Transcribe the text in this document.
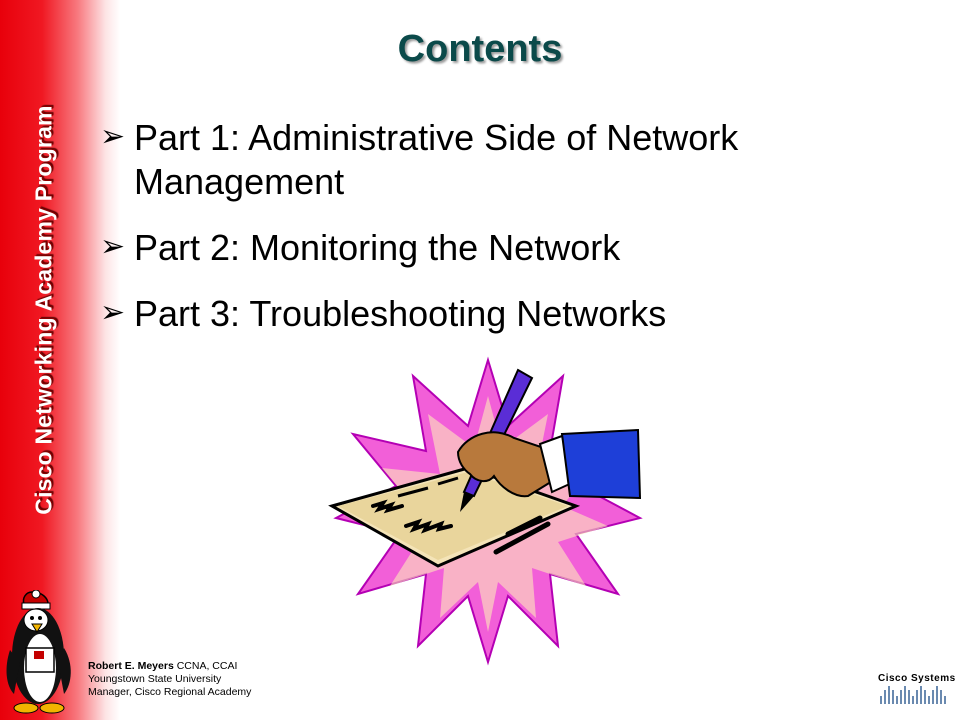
Cisco Networking Academy Program
Contents
➢ Part 1: Administrative Side of Network Management
➢ Part 2: Monitoring the Network
➢ Part 3: Troubleshooting Networks
Robert E. Meyers CCNA, CCAI
Youngstown State University
Manager, Cisco Regional Academy
Cisco Systems
